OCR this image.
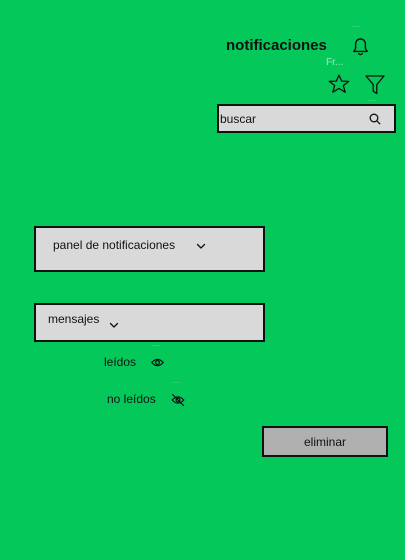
...
notificaciones
Fr...
...
buscar
panel de notificaciones
mensajes
...
leídos
...
no leídos
eliminar
